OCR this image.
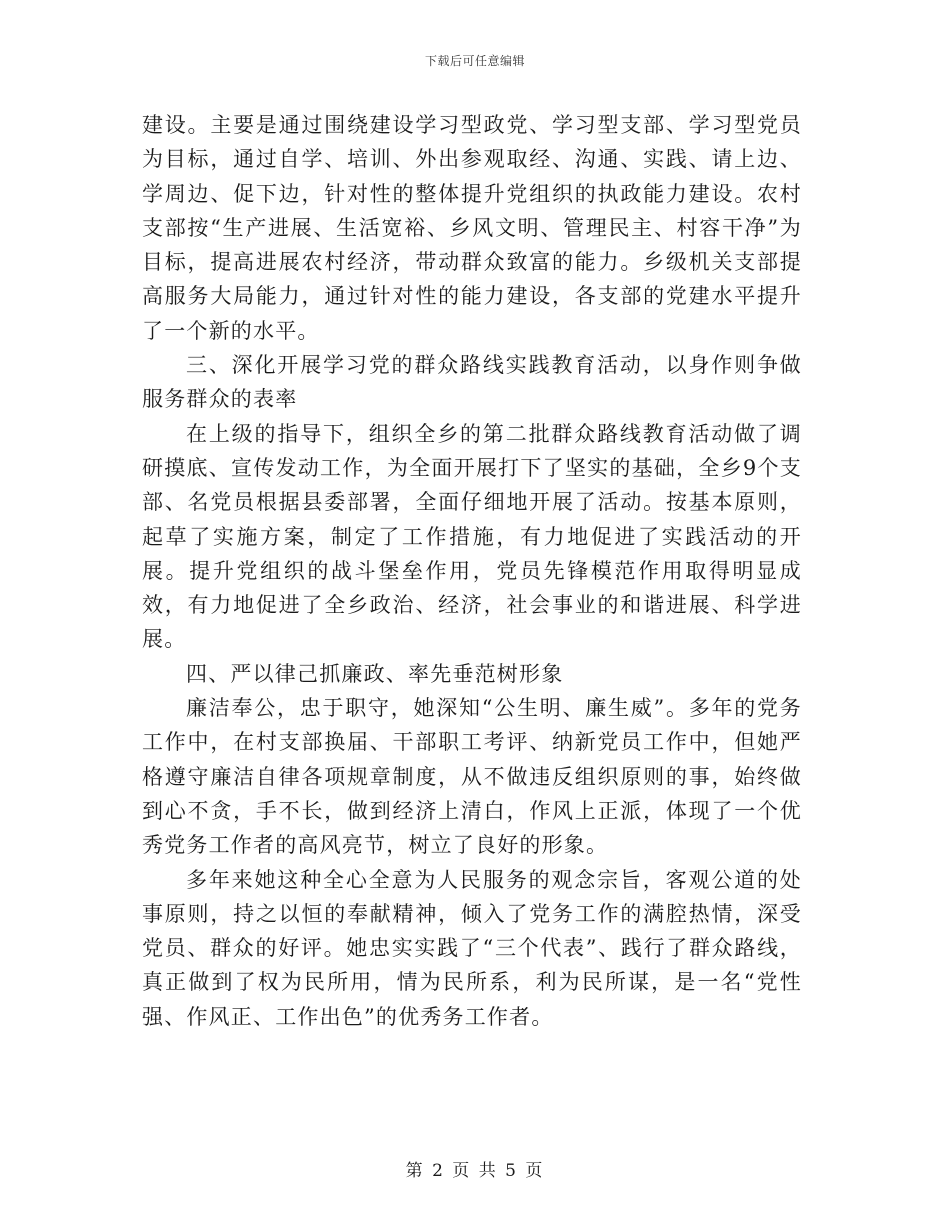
下载后可任意编辑

建设。主要是通过围绕建设学习型政党、学习型支部、学习型党员为目标，通过自学、培训、外出参观取经、沟通、实践、请上边、学周边、促下边，针对性的整体提升党组织的执政能力建设。农村支部按“生产进展、生活宽裕、乡风文明、管理民主、村容干净”为目标，提高进展农村经济，带动群众致富的能力。乡级机关支部提高服务大局能力，通过针对性的能力建设，各支部的党建水平提升了一个新的水平。

三、深化开展学习党的群众路线实践教育活动，以身作则争做服务群众的表率

在上级的指导下，组织全乡的第二批群众路线教育活动做了调研摸底、宣传发动工作，为全面开展打下了坚实的基础，全乡9个支部、名党员根据县委部署，全面仔细地开展了活动。按基本原则，起草了实施方案，制定了工作措施，有力地促进了实践活动的开展。提升党组织的战斗堡垒作用，党员先锋模范作用取得明显成效，有力地促进了全乡政治、经济，社会事业的和谐进展、科学进展。

四、严以律己抓廉政、率先垂范树形象

廉洁奉公，忠于职守，她深知“公生明、廉生威”。多年的党务工作中，在村支部换届、干部职工考评、纳新党员工作中，但她严格遵守廉洁自律各项规章制度，从不做违反组织原则的事，始终做到心不贪，手不长，做到经济上清白，作风上正派，体现了一个优秀党务工作者的高风亮节，树立了良好的形象。

多年来她这种全心全意为人民服务的观念宗旨，客观公道的处事原则，持之以恒的奉献精神，倾入了党务工作的满腔热情，深受党员、群众的好评。她忠实实践了“三个代表”、践行了群众路线，真正做到了权为民所用，情为民所系，利为民所谋，是一名“党性强、作风正、工作出色”的优秀务工作者。

第 2 页 共 5 页
